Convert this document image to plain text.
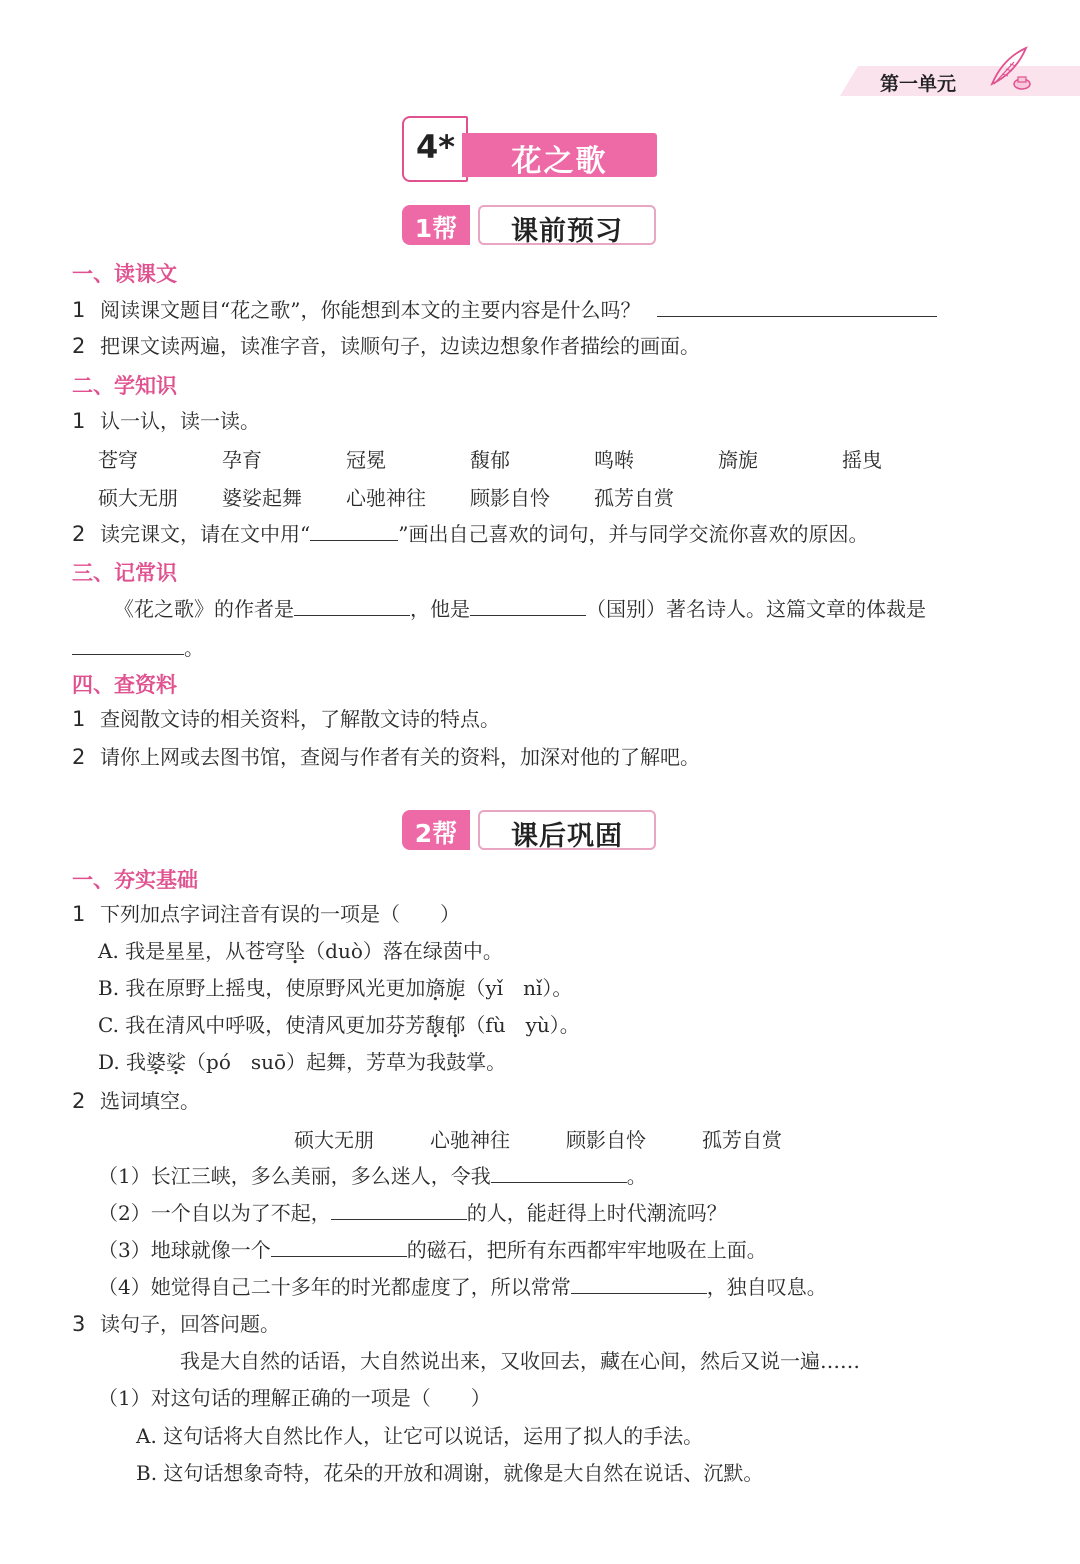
第一单元
4*	花之歌
1帮	课前预习
一、读课文
1 阅读课文题目“花之歌”，你能想到本文的主要内容是什么吗？
2 把课文读两遍，读准字音，读顺句子，边读边想象作者描绘的画面。
二、学知识
1 认一认，读一读。
苍穹	孕育	冠冕	馥郁	鸣啭	旖旎	摇曳
硕大无朋 婆娑起舞 心驰神往 顾影自怜 孤芳自赏
2 读完课文，请在文中用“	”画出自己喜欢的词句，并与同学交流你喜欢的原因。
三、记常识
《花之歌》的作者是	，他是	（国别）著名诗人。这篇文章的体裁是
。
四、查资料
1 查阅散文诗的相关资料，了解散文诗的特点。
2 请你上网或去图书馆，查阅与作者有关的资料，加深对他的了解吧。
2帮	课后巩固
一、夯实基础
1 下列加点字词注音有误的一项是（　　）
A. 我是星星，从苍穹坠（duò）落在绿茵中。
B. 我在原野上摇曳，使原野风光更加旖旎（yǐ　nǐ）。
C. 我在清风中呼吸，使清风更加芬芳馥郁（fù　yù）。
D. 我婆娑（pó　suō）起舞，芳草为我鼓掌。
2 选词填空。
硕大无朋	心驰神往	顾影自怜	孤芳自赏
（1）长江三峡，多么美丽，多么迷人，令我	。
（2）一个自以为了不起，	的人，能赶得上时代潮流吗？
（3）地球就像一个	的磁石，把所有东西都牢牢地吸在上面。
（4）她觉得自己二十多年的时光都虚度了，所以常常	，独自叹息。
3 读句子，回答问题。
我是大自然的话语，大自然说出来，又收回去，藏在心间，然后又说一遍……
（1）对这句话的理解正确的一项是（　　）
A. 这句话将大自然比作人，让它可以说话，运用了拟人的手法。
B. 这句话想象奇特，花朵的开放和凋谢，就像是大自然在说话、沉默。
